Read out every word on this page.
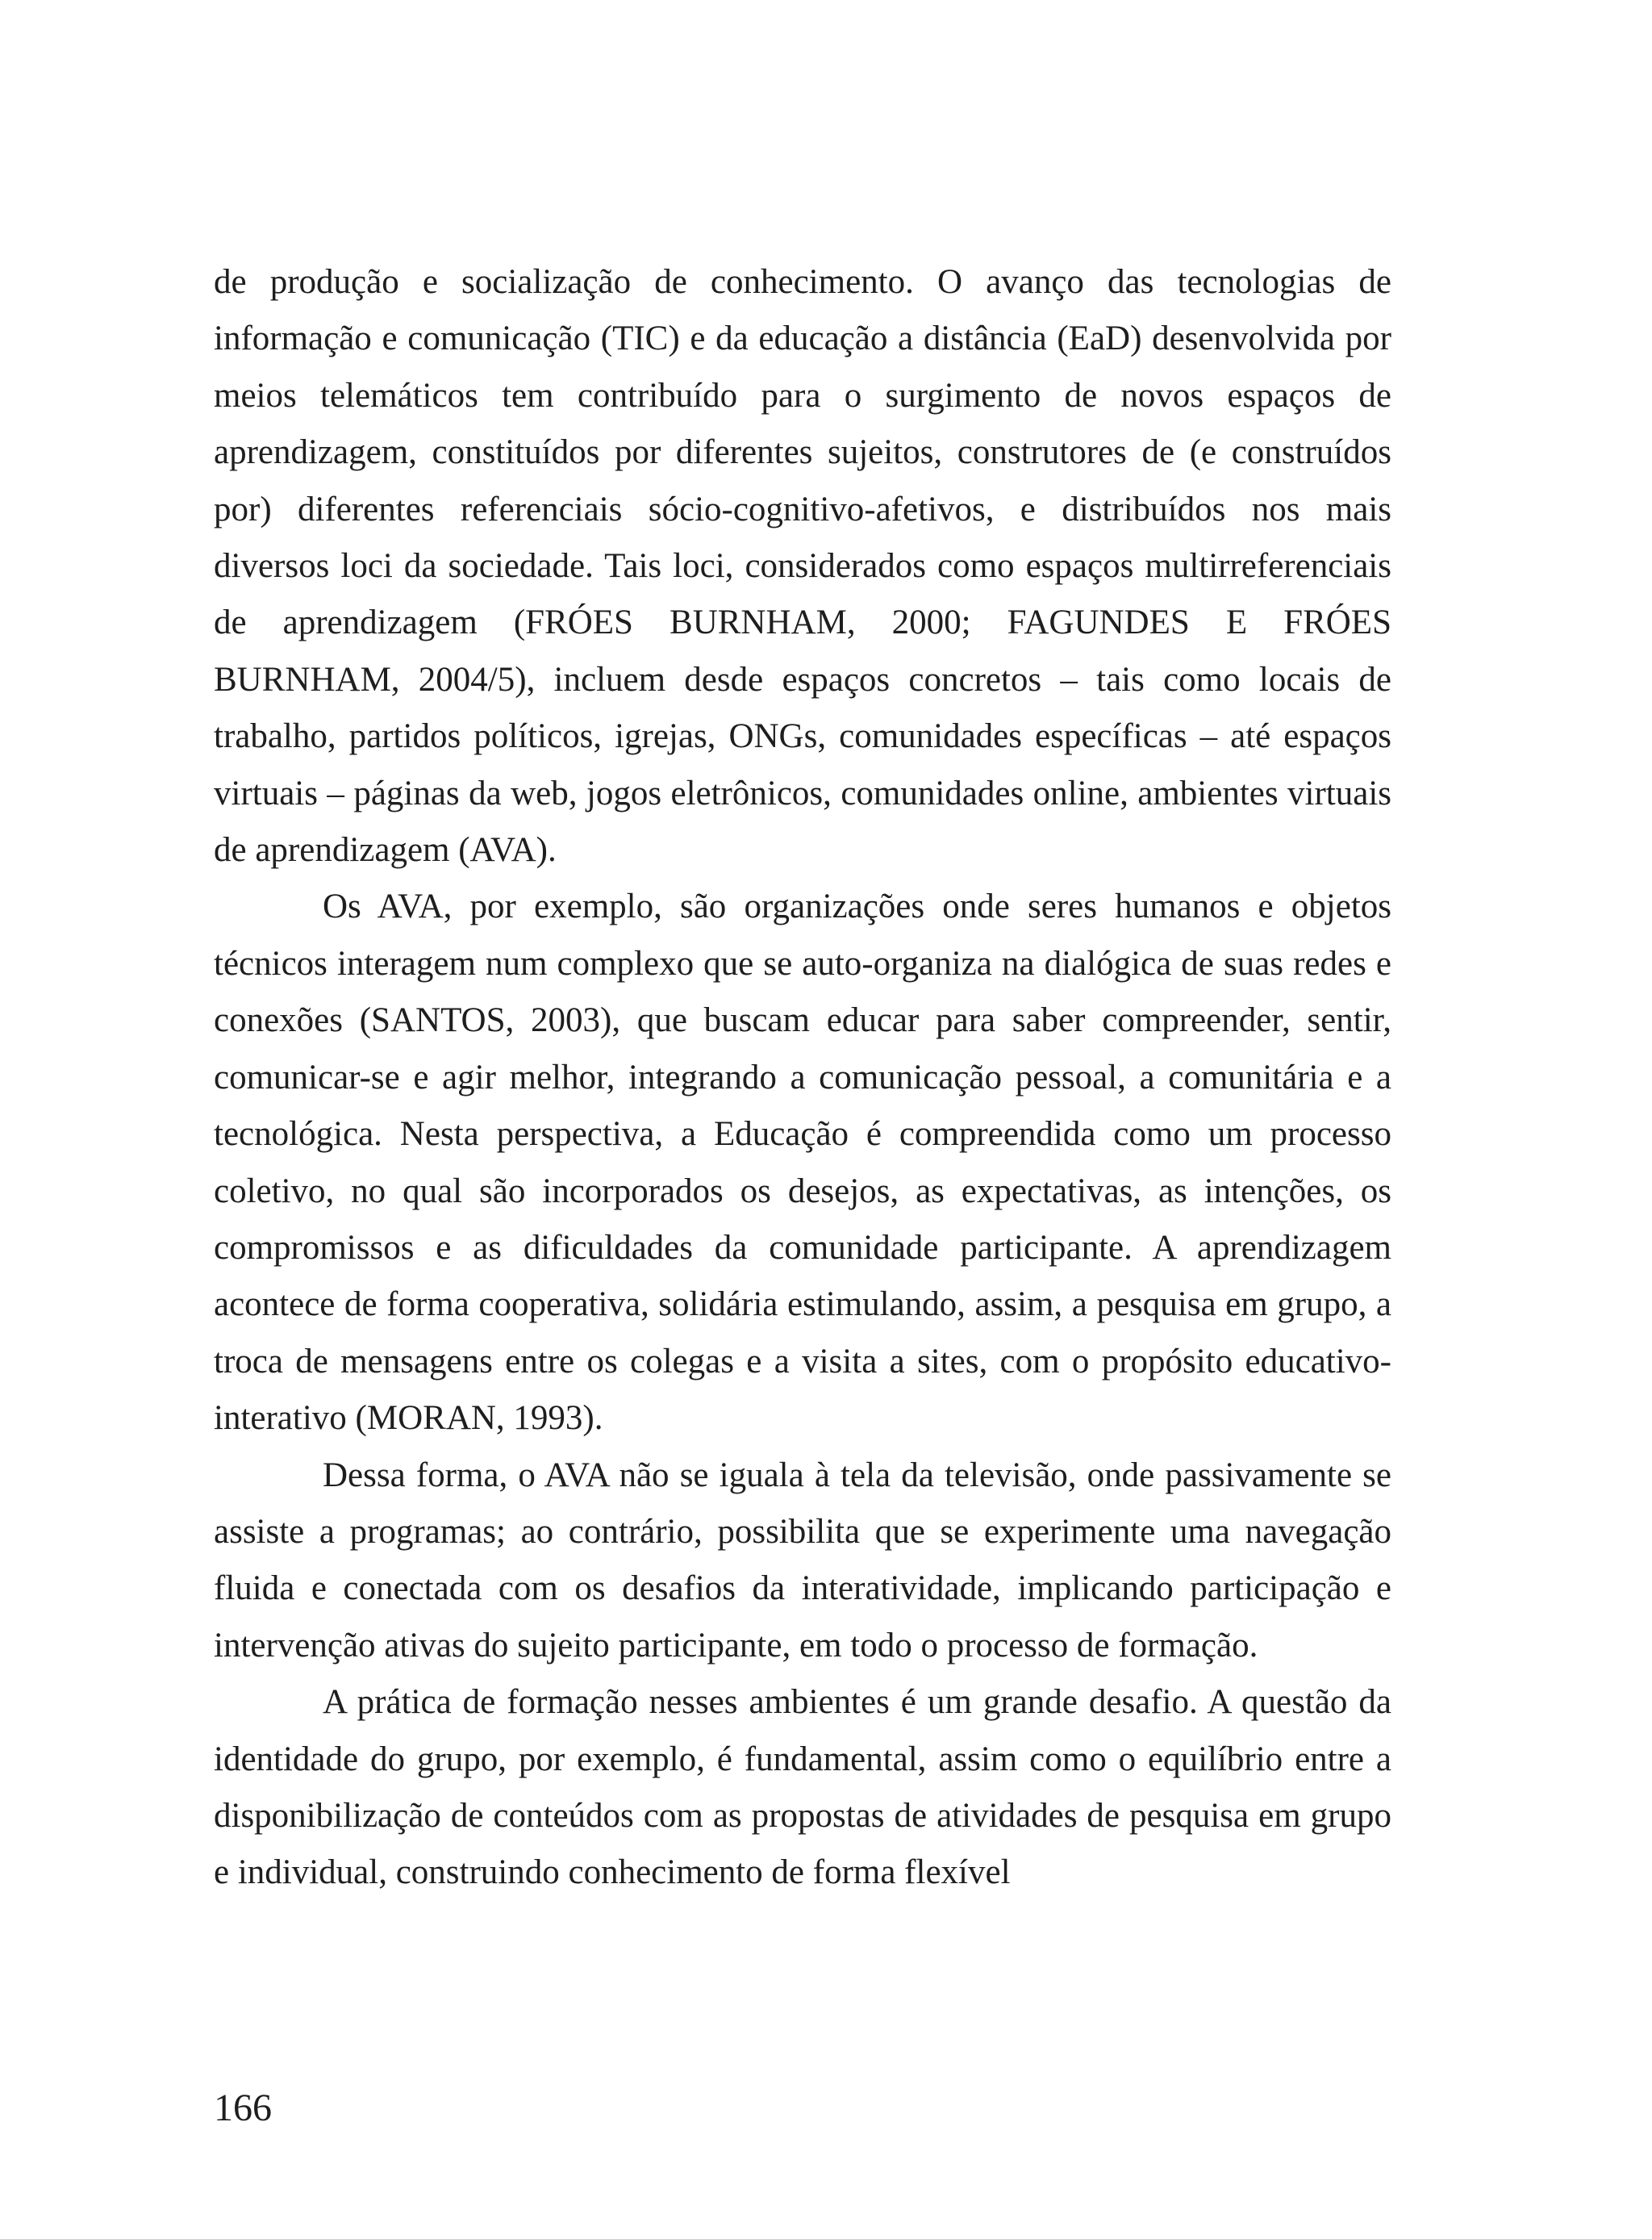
de produção e socialização de conhecimento. O avanço das tecnologias de informação e comunicação (TIC) e da educação a distância (EaD) desenvolvida por meios telemáticos tem contribuído para o surgimento de novos espaços de aprendizagem, constituídos por diferentes sujeitos, construtores de (e construídos por) diferentes referenciais sócio-cognitivo-afetivos, e distribuídos nos mais diversos loci da sociedade. Tais loci, considerados como espaços multirreferenciais de aprendizagem (FRÓES BURNHAM, 2000; FAGUNDES E FRÓES BURNHAM, 2004/5), incluem desde espaços concretos – tais como locais de trabalho, partidos políticos, igrejas, ONGs, comunidades específicas – até espaços virtuais – páginas da web, jogos eletrônicos, comunidades online, ambientes virtuais de aprendizagem (AVA).

Os AVA, por exemplo, são organizações onde seres humanos e objetos técnicos interagem num complexo que se auto-organiza na dialógica de suas redes e conexões (SANTOS, 2003), que buscam educar para saber compreender, sentir, comunicar-se e agir melhor, integrando a comunicação pessoal, a comunitária e a tecnológica. Nesta perspectiva, a Educação é compreendida como um processo coletivo, no qual são incorporados os desejos, as expectativas, as intenções, os compromissos e as dificuldades da comunidade participante. A aprendizagem acontece de forma cooperativa, solidária estimulando, assim, a pesquisa em grupo, a troca de mensagens entre os colegas e a visita a sites, com o propósito educativo-interativo (MORAN, 1993).

Dessa forma, o AVA não se iguala à tela da televisão, onde passivamente se assiste a programas; ao contrário, possibilita que se experimente uma navegação fluida e conectada com os desafios da interatividade, implicando participação e intervenção ativas do sujeito participante, em todo o processo de formação.

A prática de formação nesses ambientes é um grande desafio. A questão da identidade do grupo, por exemplo, é fundamental, assim como o equilíbrio entre a disponibilização de conteúdos com as propostas de atividades de pesquisa em grupo e individual, construindo conhecimento de forma flexível

166
